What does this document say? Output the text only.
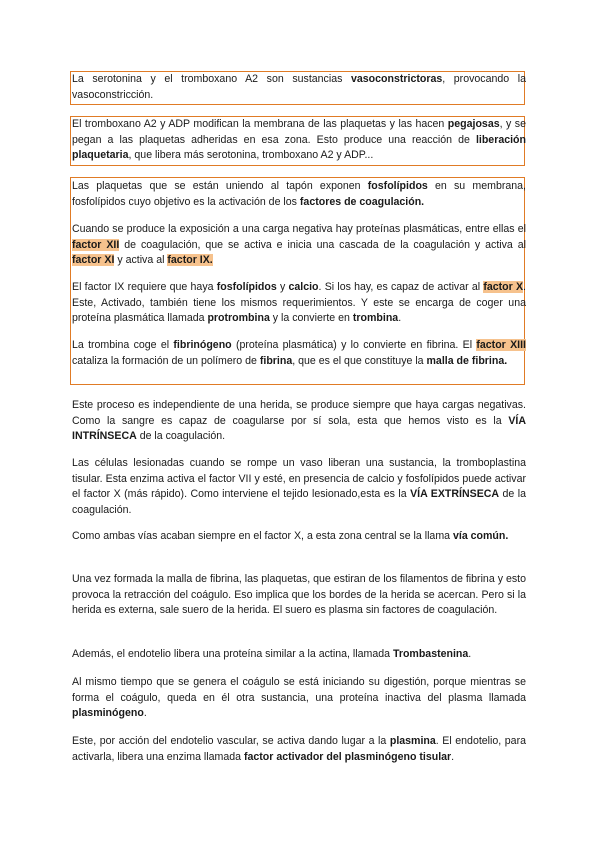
La serotonina y el tromboxano A2 son sustancias vasoconstrictoras, provocando la vasoconstricción.

El tromboxano A2 y ADP modifican la membrana de las plaquetas y las hacen pegajosas, y se pegan a las plaquetas adheridas en esa zona. Esto produce una reacción de liberación plaquetaria, que libera más serotonina, tromboxano A2 y ADP...

Las plaquetas que se están uniendo al tapón exponen fosfolípidos en su membrana, fosfolípidos cuyo objetivo es la activación de los factores de coagulación.

Cuando se produce la exposición a una carga negativa hay proteínas plasmáticas, entre ellas el factor XII de coagulación, que se activa e inicia una cascada de la coagulación y activa al factor XI y activa al factor IX.

El factor IX requiere que haya fosfolípidos y calcio. Si los hay, es capaz de activar al factor X. Este, Activado, también tiene los mismos requerimientos. Y este se encarga de coger una proteína plasmática llamada protrombina y la convierte en trombina.

La trombina coge el fibrinógeno (proteína plasmática) y lo convierte en fibrina. El factor XIII cataliza la formación de un polímero de fibrina, que es el que constituye la malla de fibrina.

Este proceso es independiente de una herida, se produce siempre que haya cargas negativas. Como la sangre es capaz de coagularse por sí sola, esta que hemos visto es la VÍA INTRÍNSECA de la coagulación.

Las células lesionadas cuando se rompe un vaso liberan una sustancia, la tromboplastina tisular. Esta enzima activa el factor VII y esté, en presencia de calcio y fosfolípidos puede activar el factor X (más rápido). Como interviene el tejido lesionado,esta es la VÍA EXTRÍNSECA de la coagulación.

Como ambas vías acaban siempre en el factor X, a esta zona central se la llama vía común.

Una vez formada la malla de fibrina, las plaquetas, que estiran de los filamentos de fibrina y esto provoca la retracción del coágulo. Eso implica que los bordes de la herida se acercan. Pero si la herida es externa, sale suero de la herida. El suero es plasma sin factores de coagulación.

Además, el endotelio libera una proteína similar a la actina, llamada Trombastenina.

Al mismo tiempo que se genera el coágulo se está iniciando su digestión, porque mientras se forma el coágulo, queda en él otra sustancia, una proteína inactiva del plasma llamada plasminógeno.

Este, por acción del endotelio vascular, se activa dando lugar a la plasmina. El endotelio, para activarla, libera una enzima llamada factor activador del plasminógeno tisular.
